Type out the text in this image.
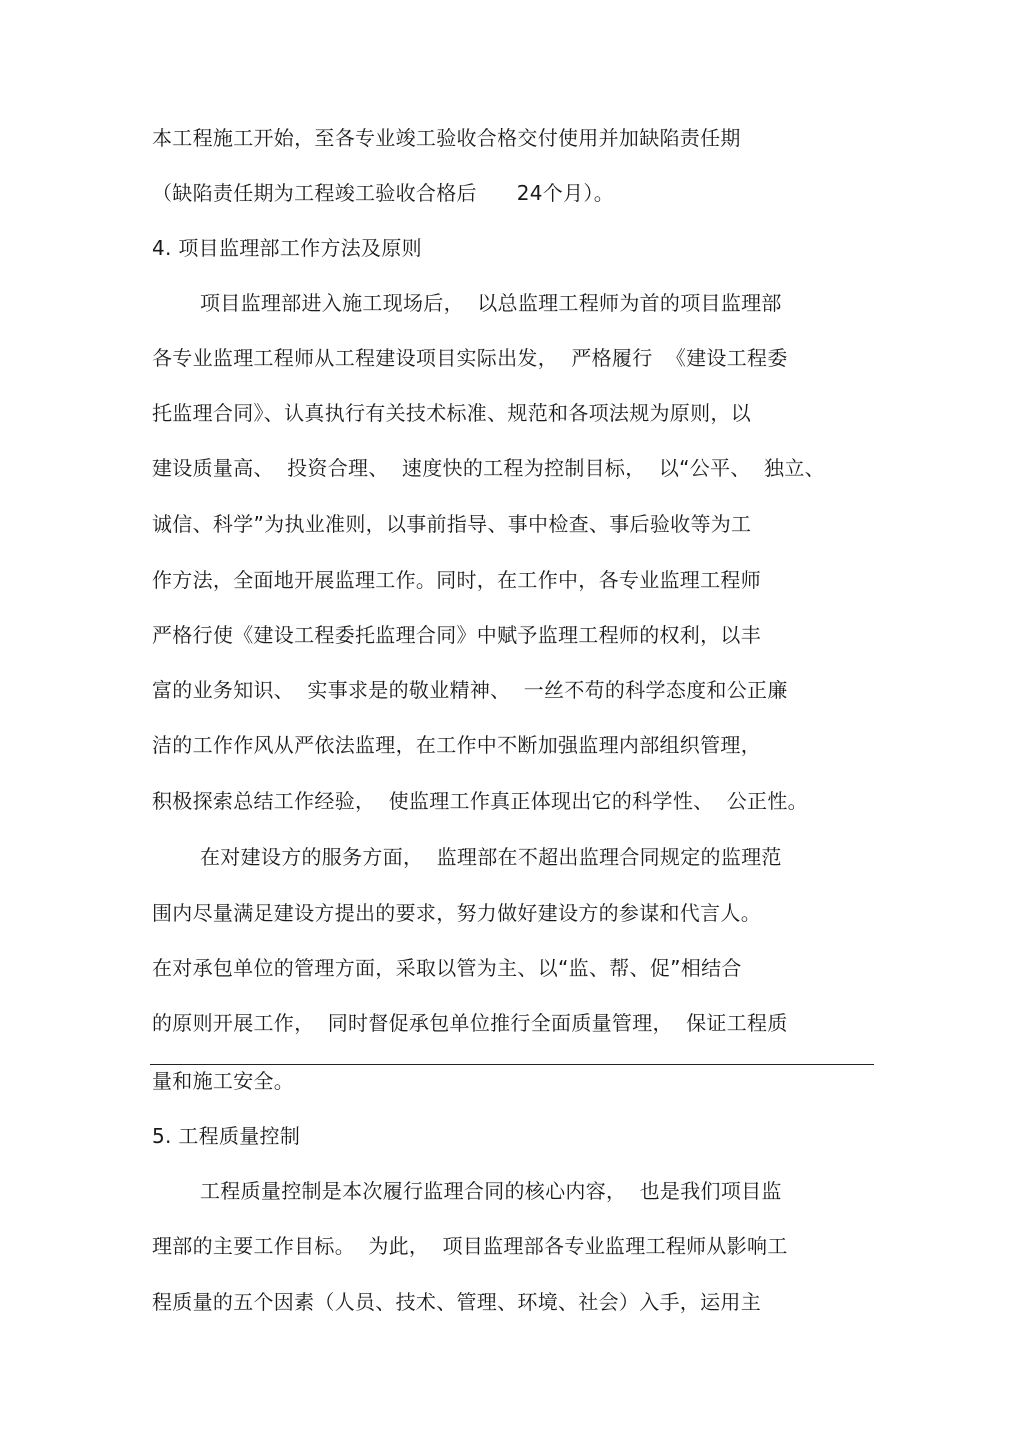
本工程施工开始，至各专业竣工验收合格交付使用并加缺陷责任期
（缺陷责任期为工程竣工验收合格后      24个月）。
4. 项目监理部工作方法及原则
项目监理部进入施工现场后，  以总监理工程师为首的项目监理部
各专业监理工程师从工程建设项目实际出发，  严格履行  《建设工程委
托监理合同》、认真执行有关技术标准、规范和各项法规为原则，以
建设质量高、  投资合理、  速度快的工程为控制目标，  以“公平、  独立、
诚信、科学”为执业准则，以事前指导、事中检查、事后验收等为工
作方法，全面地开展监理工作。同时，在工作中，各专业监理工程师
严格行使《建设工程委托监理合同》中赋予监理工程师的权利，以丰
富的业务知识、  实事求是的敬业精神、  一丝不苟的科学态度和公正廉
洁的工作作风从严依法监理，在工作中不断加强监理内部组织管理，
积极探索总结工作经验，  使监理工作真正体现出它的科学性、  公正性。
在对建设方的服务方面，  监理部在不超出监理合同规定的监理范
围内尽量满足建设方提出的要求，努力做好建设方的参谋和代言人。
在对承包单位的管理方面，采取以管为主、以“监、帮、促”相结合
的原则开展工作，  同时督促承包单位推行全面质量管理，  保证工程质
量和施工安全。
5. 工程质量控制
工程质量控制是本次履行监理合同的核心内容，  也是我们项目监
理部的主要工作目标。  为此，  项目监理部各专业监理工程师从影响工
程质量的五个因素（人员、技术、管理、环境、社会）入手，运用主
